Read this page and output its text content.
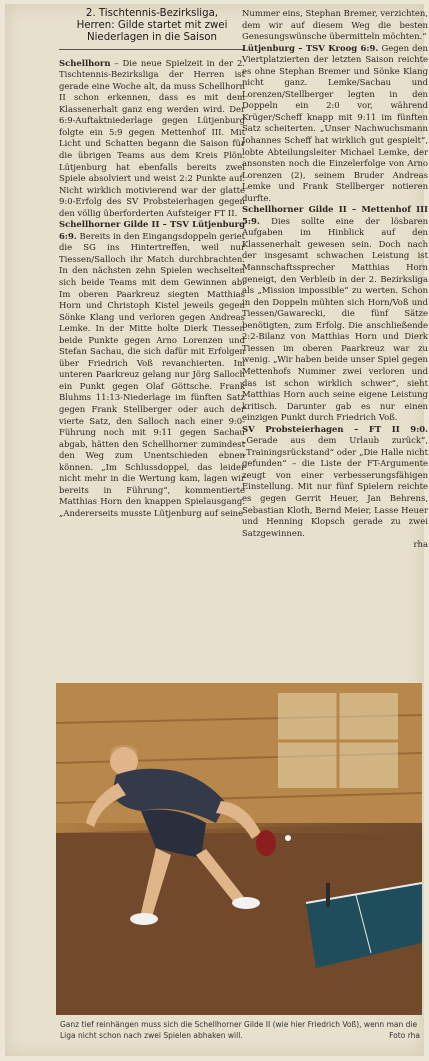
2. Tischtennis-Bezirksliga,
Herren: Gilde startet mit zwei
Niederlagen in die Saison

Schellhorn – Die neue Spielzeit in der 2. Tischtennis-Bezirksliga der Herren ist gerade eine Woche alt, da muss Schellhorn II schon erkennen, dass es mit dem Klassenerhalt ganz eng werden wird. Der 6:9-Auftaktniederlage gegen Lütjenburg folgte ein 5:9 gegen Mettenhof III. Mit Licht und Schatten begann die Saison für die übrigen Teams aus dem Kreis Plön. Lütjenburg hat ebenfalls bereits zwei Spiele absolviert und weist 2:2 Punkte auf. Nicht wirklich motivierend war der glatte 9:0-Erfolg des SV Probsteierhagen gegen den völlig überforderten Aufsteiger FT II.

Schellhorner Gilde II – TSV Lütjenburg 6:9. Bereits in den Eingangsdoppeln geriet die SG ins Hintertreffen, weil nur Tiessen/Salloch ihr Match durchbrachten. In den nächsten zehn Spielen wechselten sich beide Teams mit dem Gewinnen ab: Im oberen Paarkreuz siegten Matthias Horn und Christoph Kistel jeweils gegen Sönke Klang und verloren gegen Andreas Lemke. In der Mitte holte Dierk Tiessen beide Punkte gegen Arno Lorenzen und Stefan Sachau, die sich dafür mit Erfolgen über Friedrich Voß revanchierten. Im unteren Paarkreuz gelang nur Jörg Salloch ein Punkt gegen Olaf Göttsche. Frank Bluhms 11:13-Niederlage im fünften Satz gegen Frank Stellberger oder auch der vierte Satz, den Salloch nach einer 9:0-Führung noch mit 9:11 gegen Sachau abgab, hätten den Schellhorner zumindest den Weg zum Unentschieden ebnen können. „Im Schlussdoppel, das leider nicht mehr in die Wertung kam, lagen wir bereits in Führung“, kommentierte Matthias Horn den knappen Spielausgang. „Andererseits musste Lütjenburg auf seine

Nummer eins, Stephan Bremer, verzichten, dem wir auf diesem Weg die besten Genesungswünsche übermitteln möchten.“

Lütjenburg – TSV Kroog 6:9. Gegen den Viertplatzierten der letzten Saison reichte es ohne Stephan Bremer und Sönke Klang nicht ganz. Lemke/Sachau und Lorenzen/Stellberger legten in den Doppeln ein 2:0 vor, während Krüger/Scheff knapp mit 9:11 im fünften Satz scheiterten. „Unser Nachwuchsmann Johannes Scheff hat wirklich gut gespielt“, lobte Abteilungsleiter Michael Lemke, der ansonsten noch die Einzelerfolge von Arno Lorenzen (2), seinem Bruder Andreas Lemke und Frank Stellberger notieren durfte.

Schellhorner Gilde II – Mettenhof III 5:9. Dies sollte eine der lösbaren Aufgaben im Hinblick auf den Klassenerhalt gewesen sein. Doch nach der insgesamt schwachen Leistung ist Mannschaftssprecher Matthias Horn geneigt, den Verbleib in der 2. Bezirksliga als „Mission impossible“ zu werten. Schon in den Doppeln mühten sich Horn/Voß und Tiessen/Gawarecki, die fünf Sätze benötigten, zum Erfolg. Die anschließende 2:2-Bilanz von Matthias Horn und Dierk Tiessen im oberen Paarkreuz war zu wenig. „Wir haben beide unser Spiel gegen Mettenhofs Nummer zwei verloren und das ist schon wirklich schwer“, sieht Matthias Horn auch seine eigene Leistung kritisch. Darunter gab es nur einen einzigen Punkt durch Friedrich Voß.

SV Probsteierhagen – FT II 9:0. „Gerade aus dem Urlaub zurück“, „Trainingsrückstand“ oder „Die Halle nicht gefunden“ – die Liste der FT-Argumente zeugt von einer verbesserungsfähigen Einstellung. Mit nur fünf Spielern reichte es gegen Gerrit Heuer, Jan Behrens, Sebastian Kloth, Bernd Meier, Lasse Heuer und Henning Klopsch gerade zu zwei Satzgewinnen.

rha

Ganz tief reinhängen muss sich die Schellhorner Gilde II (wie hier Friedrich Voß), wenn man die Liga nicht schon nach zwei Spielen abhaken will.	Foto rha
